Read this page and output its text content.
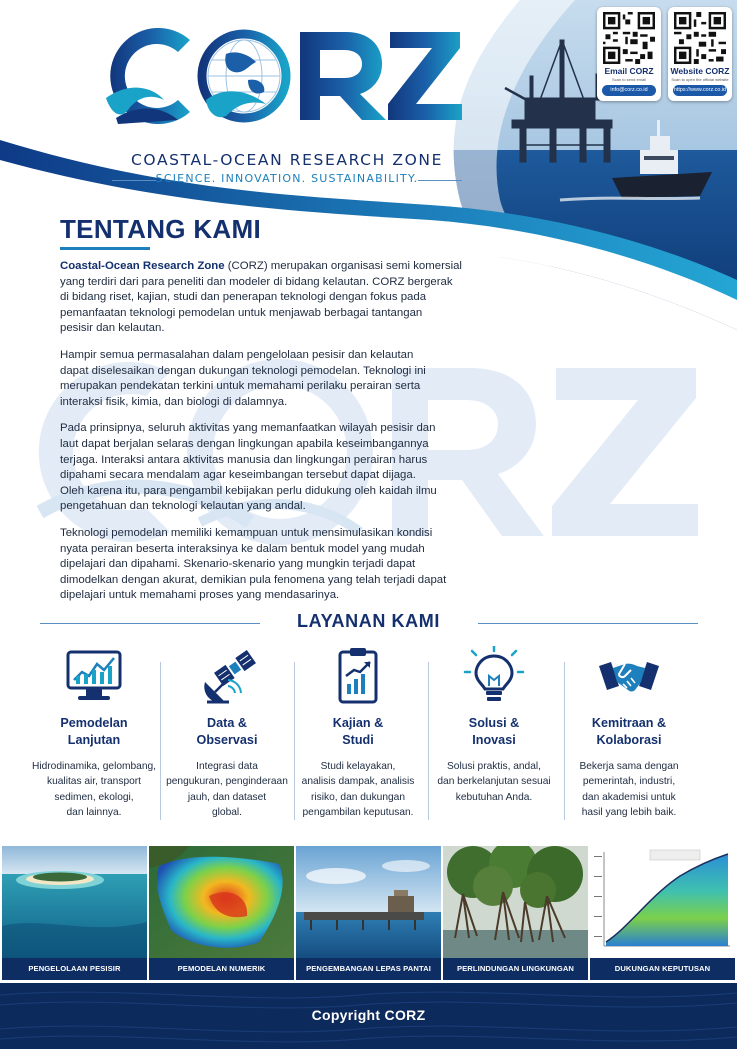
COASTAL-OCEAN RESEARCH ZONE
SCIENCE. INNOVATION. SUSTAINABILITY.
Email CORZ
Scan to send email
info@corz.co.id
Website CORZ
Scan to open the official website
https://www.corz.co.id
TENTANG KAMI

Coastal-Ocean Research Zone (CORZ) merupakan organisasi semi komersial
yang terdiri dari para peneliti dan modeler di bidang kelautan. CORZ bergerak
di bidang riset, kajian, studi dan penerapan teknologi dengan fokus pada
pemanfaatan teknologi pemodelan untuk menjawab berbagai tantangan
pesisir dan kelautan.

Hampir semua permasalahan dalam pengelolaan pesisir dan kelautan
dapat diselesaikan dengan dukungan teknologi pemodelan. Teknologi ini
merupakan pendekatan terkini untuk memahami perilaku perairan serta
interaksi fisik, kimia, dan biologi di dalamnya.

Pada prinsipnya, seluruh aktivitas yang memanfaatkan wilayah pesisir dan
laut dapat berjalan selaras dengan lingkungan apabila keseimbangannya
terjaga. Interaksi antara aktivitas manusia dan lingkungan perairan harus
dipahami secara mendalam agar keseimbangan tersebut dapat dijaga.
Oleh karena itu, para pengambil kebijakan perlu didukung oleh kaidah ilmu
pengetahuan dan teknologi kelautan yang andal.

Teknologi pemodelan memiliki kemampuan untuk mensimulasikan kondisi
nyata perairan beserta interaksinya ke dalam bentuk model yang mudah
dipelajari dan dipahami. Skenario-skenario yang mungkin terjadi dapat
dimodelkan dengan akurat, demikian pula fenomena yang telah terjadi dapat
dipelajari untuk memahami proses yang mendasarinya.

LAYANAN KAMI
Pemodelan
Lanjutan
Hidrodinamika, gelombang,
kualitas air, transport
sedimen, ekologi,
dan lainnya.
Data &
Observasi
Integrasi data
pengukuran, penginderaan
jauh, dan dataset
global.
Kajian &
Studi
Studi kelayakan,
analisis dampak, analisis
risiko, dan dukungan
pengambilan keputusan.
Solusi &
Inovasi
Solusi praktis, andal,
dan berkelanjutan sesuai
kebutuhan Anda.
Kemitraan &
Kolaborasi
Bekerja sama dengan
pemerintah, industri,
dan akademisi untuk
hasil yang lebih baik.
PENGELOLAAN PESISIR	PEMODELAN NUMERIK	PENGEMBANGAN LEPAS PANTAI	PERLINDUNGAN LINGKUNGAN	DUKUNGAN KEPUTUSAN
Copyright CORZ
